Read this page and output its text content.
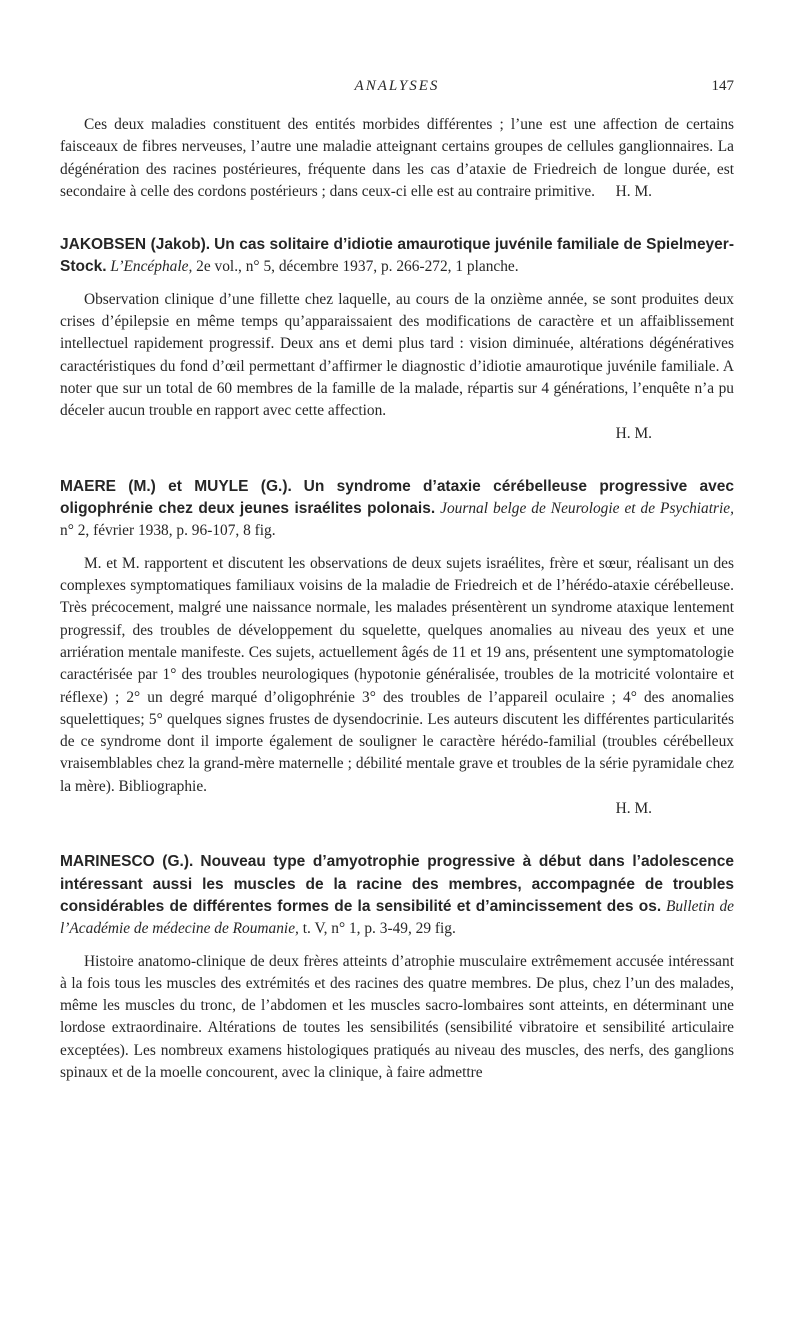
ANALYSES	147

Ces deux maladies constituent des entités morbides différentes ; l’une est une affection de certains faisceaux de fibres nerveuses, l’autre une maladie atteignant certains groupes de cellules ganglionnaires. La dégénération des racines postérieures, fréquente dans les cas d’ataxie de Friedreich de longue durée, est secondaire à celle des cordons postérieurs ; dans ceux-ci elle est au contraire primitive.	H. M.

JAKOBSEN (Jakob). Un cas solitaire d’idiotie amaurotique juvénile familiale de Spielmeyer-Stock. L’Encéphale, 2e vol., n° 5, décembre 1937, p. 266-272, 1 planche.

Observation clinique d’une fillette chez laquelle, au cours de la onzième année, se sont produites deux crises d’épilepsie en même temps qu’apparaissaient des modifications de caractère et un affaiblissement intellectuel rapidement progressif. Deux ans et demi plus tard : vision diminuée, altérations dégénératives caractéristiques du fond d’œil permettant d’affirmer le diagnostic d’idiotie amaurotique juvénile familiale. A noter que sur un total de 60 membres de la famille de la malade, répartis sur 4 générations, l’enquête n’a pu déceler aucun trouble en rapport avec cette affection.

H. M.

MAERE (M.) et MUYLE (G.). Un syndrome d’ataxie cérébelleuse progressive avec oligophrénie chez deux jeunes israélites polonais. Journal belge de Neurologie et de Psychiatrie, n° 2, février 1938, p. 96-107, 8 fig.

M. et M. rapportent et discutent les observations de deux sujets israélites, frère et sœur, réalisant un des complexes symptomatiques familiaux voisins de la maladie de Friedreich et de l’hérédo-ataxie cérébelleuse. Très précocement, malgré une naissance normale, les malades présentèrent un syndrome ataxique lentement progressif, des troubles de développement du squelette, quelques anomalies au niveau des yeux et une arriération mentale manifeste. Ces sujets, actuellement âgés de 11 et 19 ans, présentent une symptomatologie caractérisée par 1° des troubles neurologiques (hypotonie généralisée, troubles de la motricité volontaire et réflexe) ; 2° un degré marqué d’oligophrénie 3° des troubles de l’appareil oculaire ; 4° des anomalies squelettiques; 5° quelques signes frustes de dysendocrinie. Les auteurs discutent les différentes particularités de ce syndrome dont il importe également de souligner le caractère hérédo-familial (troubles cérébelleux vraisemblables chez la grand-mère maternelle ; débilité mentale grave et troubles de la série pyramidale chez la mère). Bibliographie.

H. M.

MARINESCO (G.). Nouveau type d’amyotrophie progressive à début dans l’adolescence intéressant aussi les muscles de la racine des membres, accompagnée de troubles considérables de différentes formes de la sensibilité et d’amincissement des os. Bulletin de l’Académie de médecine de Roumanie, t. V, n° 1, p. 3-49, 29 fig.

Histoire anatomo-clinique de deux frères atteints d’atrophie musculaire extrêmement accusée intéressant à la fois tous les muscles des extrémités et des racines des quatre membres. De plus, chez l’un des malades, même les muscles du tronc, de l’abdomen et les muscles sacro-lombaires sont atteints, en déterminant une lordose extraordinaire. Altérations de toutes les sensibilités (sensibilité vibratoire et sensibilité articulaire exceptées). Les nombreux examens histologiques pratiqués au niveau des muscles, des nerfs, des ganglions spinaux et de la moelle concourent, avec la clinique, à faire admettre
